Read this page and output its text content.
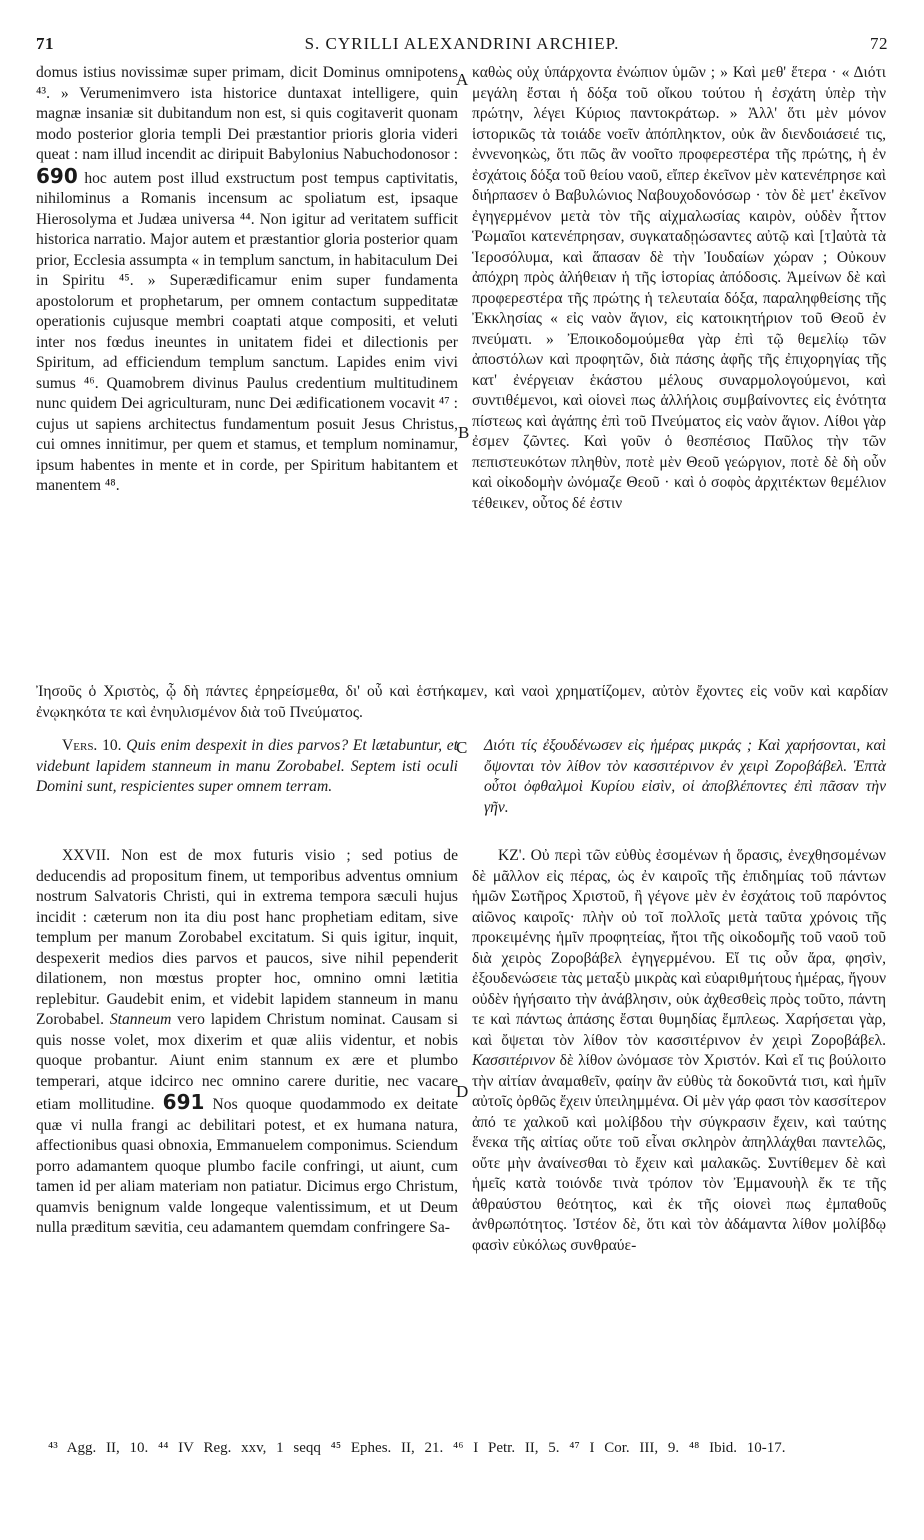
71	S. CYRILLI ALEXANDRINI ARCHIEP.	72
A
B
C
D

domus istius novissimæ super primam, dicit Dominus omnipotens ⁴³. » Verumenimvero ista historice duntaxat intelligere, quin magnæ insaniæ sit dubitandum non est, si quis cogitaverit quonam modo posterior gloria templi Dei præstantior prioris gloria videri queat : nam illud incendit ac diripuit Babylonius Nabuchodonosor : 690 hoc autem post illud exstructum post tempus captivitatis, nihilominus a Romanis incensum ac spoliatum est, ipsaque Hierosolyma et Judæa universa ⁴⁴. Non igitur ad veritatem sufficit historica narratio. Major autem et præstantior gloria posterior quam prior, Ecclesia assumpta « in templum sanctum, in habitaculum Dei in Spiritu ⁴⁵. » Superædificamur enim super fundamenta apostolorum et prophetarum, per omnem contactum suppeditatæ operationis cujusque membri coaptati atque compositi, et veluti inter nos fœdus ineuntes in unitatem fidei et dilectionis per Spiritum, ad efficiendum templum sanctum. Lapides enim vivi sumus ⁴⁶. Quamobrem divinus Paulus credentium multitudinem nunc quidem Dei agriculturam, nunc Dei ædificationem vocavit ⁴⁷ : cujus ut sapiens architectus fundamentum posuit Jesus Christus, cui omnes innitimur, per quem et stamus, et templum nominamur, ipsum habentes in mente et in corde, per Spiritum habitantem et manentem ⁴⁸.

καθὼς οὐχ ὑπάρχοντα ἐνώπιον ὑμῶν ; » Καὶ μεθ' ἕτερα · « Διότι μεγάλη ἔσται ἡ δόξα τοῦ οἴκου τούτου ἡ ἐσχάτη ὑπὲρ τὴν πρώτην, λέγει Κύριος παντοκράτωρ. » Ἀλλ' ὅτι μὲν μόνον ἱστορικῶς τὰ τοιάδε νοεῖν ἀπόπληκτον, οὐκ ἂν διενδοιάσειέ τις, ἐννενοηκὼς, ὅτι πῶς ἂν νοοῖτο προφερεστέρα τῆς πρώτης, ἡ ἐν ἐσχάτοις δόξα τοῦ θείου ναοῦ, εἴπερ ἐκεῖνον μὲν κατενέπρησε καὶ διήρπασεν ὁ Βαβυλώνιος Ναβουχοδονόσωρ · τὸν δὲ μετ' ἐκεῖνον ἐγηγερμένον μετὰ τὸν τῆς αἰχμαλωσίας καιρὸν, οὐδὲν ἧττον Ῥωμαῖοι κατενέπρησαν, συγκαταδῃώσαντες αὐτῷ καὶ [τ]αὐτὰ τὰ Ἱεροσόλυμα, καὶ ἅπασαν δὲ τὴν Ἰουδαίων χώραν ; Οὐκουν ἀπόχρη πρὸς ἀλήθειαν ἡ τῆς ἱστορίας ἀπόδοσις. Ἀμείνων δὲ καὶ προφερεστέρα τῆς πρώτης ἡ τελευταία δόξα, παραληφθείσης τῆς Ἐκκλησίας « εἰς ναὸν ἅγιον, εἰς κατοικητήριον τοῦ Θεοῦ ἐν πνεύματι. » Ἐποικοδομούμεθα γὰρ ἐπὶ τῷ θεμελίῳ τῶν ἀποστόλων καὶ προφητῶν, διὰ πάσης ἀφῆς τῆς ἐπιχορηγίας τῆς κατ' ἐνέργειαν ἑκάστου μέλους συναρμολογούμενοι, καὶ συντιθέμενοι, καὶ οἱονεὶ πως ἀλλήλοις συμβαίνοντες εἰς ἑνότητα πίστεως καὶ ἀγάπης ἐπὶ τοῦ Πνεύματος εἰς ναὸν ἅγιον. Λίθοι γὰρ ἐσμεν ζῶντες. Καὶ γοῦν ὁ θεσπέσιος Παῦλος τὴν τῶν πεπιστευκότων πληθὺν, ποτὲ μὲν Θεοῦ γεώργιον, ποτὲ δὲ δὴ οὖν καὶ οἰκοδομὴν ὠνόμαζε Θεοῦ · καὶ ὁ σοφὸς ἀρχιτέκτων θεμέλιον τέθεικεν, οὗτος δέ ἐστιν

Ἰησοῦς ὁ Χριστὸς, ᾧ δὴ πάντες ἐρηρείσμεθα, δι' οὗ καὶ ἑστήκαμεν, καὶ ναοὶ χρηματίζομεν, αὐτὸν ἔχοντες εἰς νοῦν καὶ καρδίαν ἐνῳκηκότα τε καὶ ἐνηυλισμένον διὰ τοῦ Πνεύματος.

Vers. 10. Quis enim despexit in dies parvos? Et lætabuntur, et videbunt lapidem stanneum in manu Zorobabel. Septem isti oculi Domini sunt, respicientes super omnem terram.

Διότι τίς ἐξουδένωσεν εἰς ἡμέρας μικράς ; Καὶ χαρήσονται, καὶ ὄψονται τὸν λίθον τὸν κασσιτέρινον ἐν χειρὶ Ζοροβάβελ. Ἑπτὰ οὗτοι ὀφθαλμοὶ Κυρίου εἰσὶν, οἱ ἀποβλέποντες ἐπὶ πᾶσαν τὴν γῆν.

XXVII. Non est de mox futuris visio ; sed potius de deducendis ad propositum finem, ut temporibus adventus omnium nostrum Salvatoris Christi, qui in extrema tempora sæculi hujus incidit : cæterum non ita diu post hanc prophetiam editam, sive templum per manum Zorobabel excitatum. Si quis igitur, inquit, despexerit medios dies parvos et paucos, sive nihil pependerit dilationem, non mœstus propter hoc, omnino omni lætitia replebitur. Gaudebit enim, et videbit lapidem stanneum in manu Zorobabel. Stanneum vero lapidem Christum nominat. Causam si quis nosse volet, mox dixerim et quæ aliis videntur, et nobis quoque probantur. Aiunt enim stannum ex ære et plumbo temperari, atque idcirco nec omnino carere duritie, nec vacare etiam mollitudine. 691 Nos quoque quodammodo ex deitate quæ vi nulla frangi ac debilitari potest, et ex humana natura, affectionibus quasi obnoxia, Emmanuelem componimus. Sciendum porro adamantem quoque plumbo facile confringi, ut aiunt, cum tamen id per aliam materiam non patiatur. Dicimus ergo Christum, quamvis benignum valde longeque valentissimum, et ut Deum nulla præditum sævitia, ceu adamantem quemdam confringere Sa-

ΚΖ'. Οὐ περὶ τῶν εὐθὺς ἐσομένων ἡ ὅρασις, ἐνεχθησομένων δὲ μᾶλλον εἰς πέρας, ὡς ἐν καιροῖς τῆς ἐπιδημίας τοῦ πάντων ἡμῶν Σωτῆρος Χριστοῦ, ἢ γέγονε μὲν ἐν ἐσχάτοις τοῦ παρόντος αἰῶνος καιροῖς· πλὴν οὐ τοῖ πολλοῖς μετὰ ταῦτα χρόνοις τῆς προκειμένης ἡμῖν προφητείας, ἤτοι τῆς οἰκοδομῆς τοῦ ναοῦ τοῦ διὰ χειρὸς Ζοροβάβελ ἐγηγερμένου. Εἴ τις οὖν ἄρα, φησὶν, ἐξουδενώσειε τὰς μεταξὺ μικρὰς καὶ εὐαριθμήτους ἡμέρας, ἤγουν οὐδὲν ἡγήσαιτο τὴν ἀνάβλησιν, οὐκ ἀχθεσθεὶς πρὸς τοῦτο, πάντη τε καὶ πάντως ἁπάσης ἔσται θυμηδίας ἔμπλεως. Χαρήσεται γὰρ, καὶ ὄψεται τὸν λίθον τὸν κασσιτέρινον ἐν χειρὶ Ζοροβάβελ. Κασσιτέρινον δὲ λίθον ὠνόμασε τὸν Χριστόν. Καὶ εἴ τις βούλοιτο τὴν αἰτίαν ἀναμαθεῖν, φαίην ἂν εὐθὺς τὰ δοκοῦντά τισι, καὶ ἡμῖν αὐτοῖς ὀρθῶς ἔχειν ὑπειλημμένα. Οἱ μὲν γάρ φασι τὸν κασσίτερον ἀπό τε χαλκοῦ καὶ μολίβδου τὴν σύγκρασιν ἔχειν, καὶ ταύτης ἕνεκα τῆς αἰτίας οὔτε τοῦ εἶναι σκληρὸν ἀπηλλάχθαι παντελῶς, οὔτε μὴν ἀναίνεσθαι τὸ ἔχειν καὶ μαλακῶς. Συντίθεμεν δὲ καὶ ἡμεῖς κατὰ τοιόνδε τινὰ τρόπον τὸν Ἐμμανουὴλ ἔκ τε τῆς ἀθραύστου θεότητος, καὶ ἐκ τῆς οἱονεὶ πως ἐμπαθοῦς ἀνθρωπότητος. Ἰστέον δὲ, ὅτι καὶ τὸν ἀδάμαντα λίθον μολίβδῳ φασὶν εὐκόλως συνθραύε-

⁴³ Agg. II, 10. ⁴⁴ IV Reg. xxv, 1 seqq ⁴⁵ Ephes. II, 21. ⁴⁶ I Petr. II, 5. ⁴⁷ I Cor. III, 9. ⁴⁸ Ibid. 10-17.
